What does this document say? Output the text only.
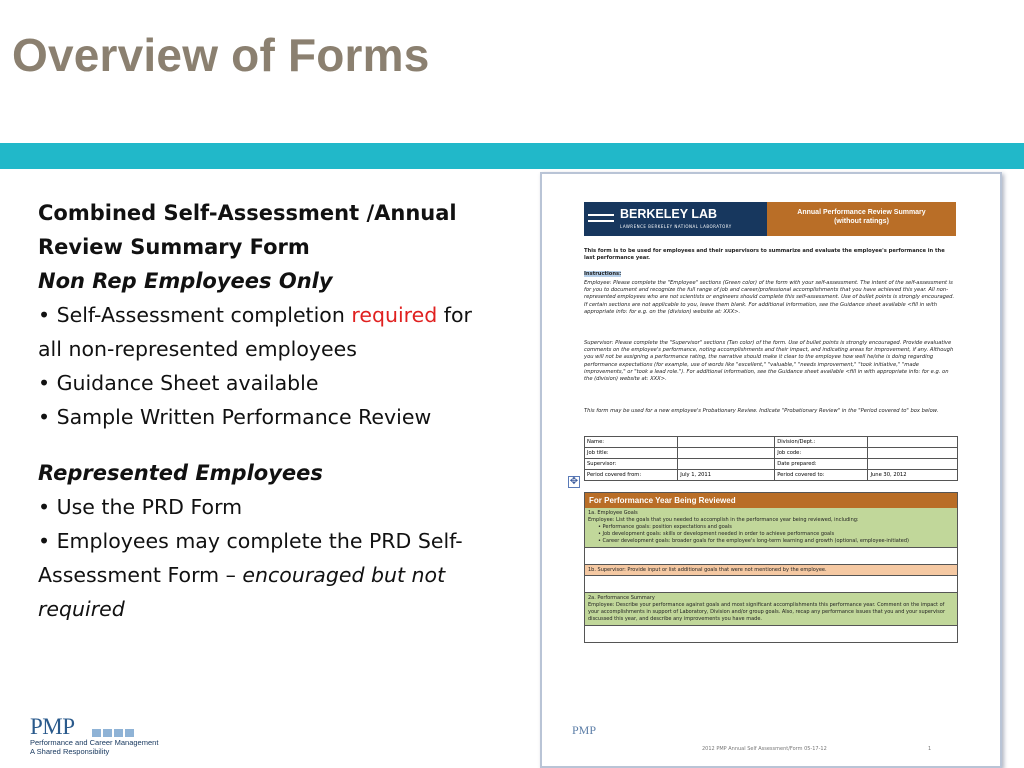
Overview of Forms
Combined Self-Assessment /Annual
Review Summary Form
Non Rep Employees Only
• Self-Assessment completion required for
all non-represented employees
• Guidance Sheet available
• Sample Written Performance Review
Represented Employees
• Use the PRD Form
• Employees may complete the PRD Self-
Assessment Form – encouraged but not
required
BERKELEY LAB
LAWRENCE BERKELEY NATIONAL LABORATORY
Annual Performance Review Summary
(without ratings)
This form is to be used for employees and their supervisors to summarize and evaluate the employee's performance in the last performance year.
Instructions:
Employee: Please complete the "Employee" sections (Green color) of the form with your self-assessment. The intent of the self-assessment is for you to document and recognize the full range of job and career/professional accomplishments that you have achieved this year. All non-represented employees who are not scientists or engineers should complete this self-assessment. Use of bullet points is strongly encouraged. If certain sections are not applicable to you, leave them blank. For additional information, see the Guidance sheet available <fill in with appropriate info: for e.g. on the (division) website at: XXX>.
Supervisor: Please complete the "Supervisor" sections (Tan color) of the form. Use of bullet points is strongly encouraged. Provide evaluative comments on the employee's performance, noting accomplishments and their impact, and indicating areas for improvement, if any. Although you will not be assigning a performance rating, the narrative should make it clear to the employee how well he/she is doing regarding performance expectations (for example, use of words like "excellent," "valuable," "needs improvement," "took initiative," "made improvements," or "took a lead role."). For additional information, see the Guidance sheet available <fill in with appropriate info: for e.g. on the (division) website at: XXX>.
This form may be used for a new employee's Probationary Review. Indicate "Probationary Review" in the "Period covered to" box below.
Name:		Division/Dept.:	
Job title:		Job code:	
Supervisor:		Date prepared:	
Period covered from:	July 1, 2011	Period covered to:	June 30, 2012
✥
For Performance Year Being Reviewed
1a. Employee Goals
Employee: List the goals that you needed to accomplish in the performance year being reviewed, including:
• Performance goals: position expectations and goals
• Job development goals: skills or development needed in order to achieve performance goals
• Career development goals: broader goals for the employee's long-term learning and growth (optional, employee-initiated)
1b. Supervisor: Provide input or list additional goals that were not mentioned by the employee.
2a. Performance Summary
Employee: Describe your performance against goals and most significant accomplishments this performance year. Comment on the impact of your accomplishments in support of Laboratory, Division and/or group goals. Also, recap any performance issues that you and your supervisor discussed this year, and describe any improvements you have made.
PMP
2012 PMP Annual Self Assessment/Form 05-17-12	1
PMP
Performance and Career Management
A Shared Responsibility
